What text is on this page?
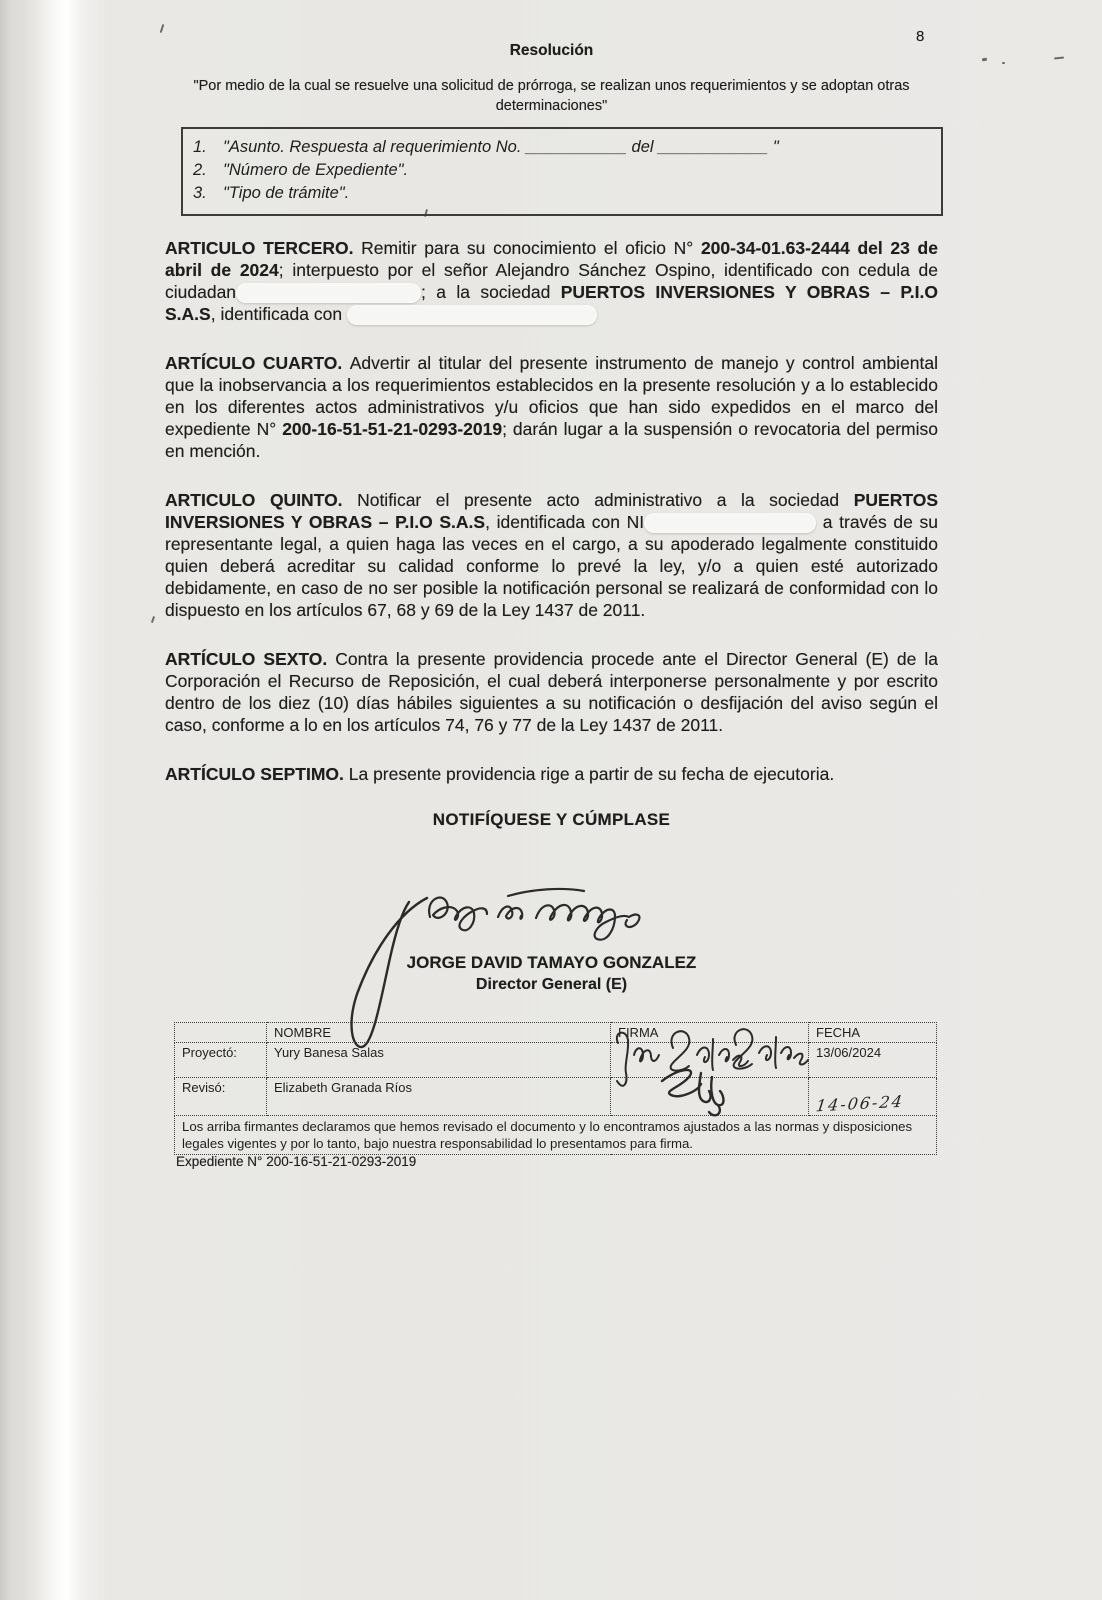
8
Resolución
"Por medio de la cual se resuelve una solicitud de prórroga, se realizan unos requerimientos y se adoptan otras determinaciones"
1. "Asunto. Respuesta al requerimiento No. ___________ del ____________ "
2. "Número de Expediente".
3. "Tipo de trámite".

ARTICULO TERCERO. Remitir para su conocimiento el oficio N° 200-34-01.63-2444 del 23 de abril de 2024; interpuesto por el señor Alejandro Sánchez Ospino, identificado con cedula de ciudadan	; a la sociedad PUERTOS INVERSIONES Y OBRAS – P.I.O S.A.S, identificada con

ARTÍCULO CUARTO. Advertir al titular del presente instrumento de manejo y control ambiental que la inobservancia a los requerimientos establecidos en la presente resolución y a lo establecido en los diferentes actos administrativos y/u oficios que han sido expedidos en el marco del expediente N° 200-16-51-51-21-0293-2019; darán lugar a la suspensión o revocatoria del permiso en mención.

ARTICULO QUINTO. Notificar el presente acto administrativo a la sociedad PUERTOS INVERSIONES Y OBRAS – P.I.O S.A.S, identificada con NI	a través de su representante legal, a quien haga las veces en el cargo, a su apoderado legalmente constituido quien deberá acreditar su calidad conforme lo prevé la ley, y/o a quien esté autorizado debidamente, en caso de no ser posible la notificación personal se realizará de conformidad con lo dispuesto en los artículos 67, 68 y 69 de la Ley 1437 de 2011.

ARTÍCULO SEXTO. Contra la presente providencia procede ante el Director General (E) de la Corporación el Recurso de Reposición, el cual deberá interponerse personalmente y por escrito dentro de los diez (10) días hábiles siguientes a su notificación o desfijación del aviso según el caso, conforme a lo en los artículos 74, 76 y 77 de la Ley 1437 de 2011.

ARTÍCULO SEPTIMO. La presente providencia rige a partir de su fecha de ejecutoria.

NOTIFÍQUESE Y CÚMPLASE
JORGE DAVID TAMAYO GONZALEZ
Director General (E)
	NOMBRE	FIRMA	FECHA
Proyectó:	Yury Banesa Salas		13/06/2024
Revisó:	Elizabeth Granada Ríos		14-06-24
Los arriba firmantes declaramos que hemos revisado el documento y lo encontramos ajustados a las normas y disposiciones legales vigentes y por lo tanto, bajo nuestra responsabilidad lo presentamos para firma.			
Expediente N° 200-16-51-21-0293-2019
